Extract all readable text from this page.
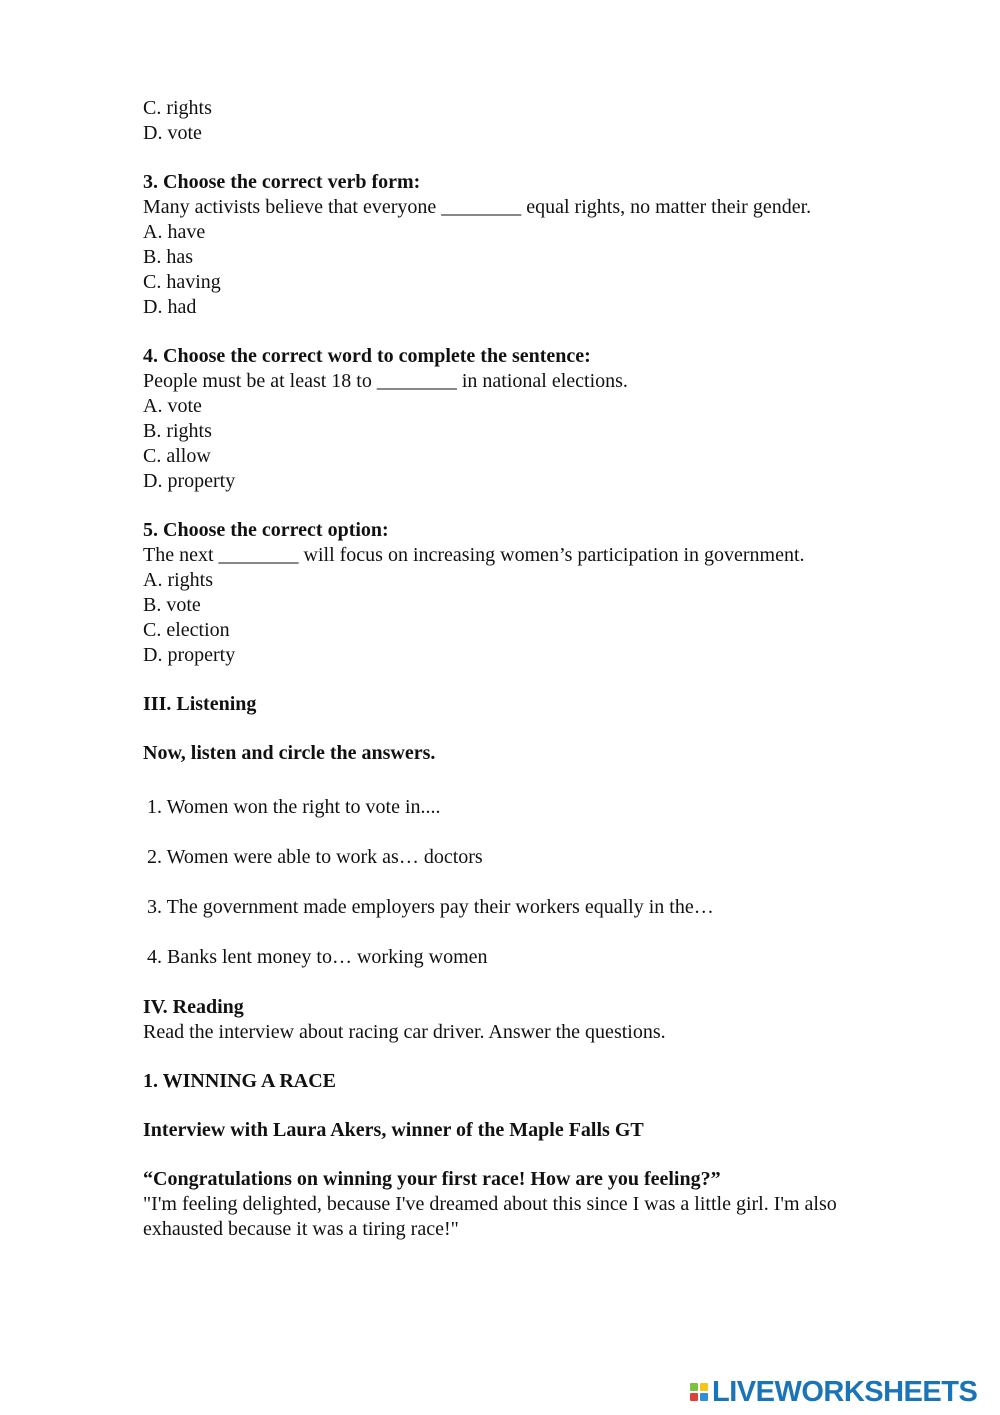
C. rights
D. vote
3. Choose the correct verb form:
Many activists believe that everyone ________ equal rights, no matter their gender.
A. have
B. has
C. having
D. had
4. Choose the correct word to complete the sentence:
People must be at least 18 to ________ in national elections.
A. vote
B. rights
C. allow
D. property
5. Choose the correct option:
The next ________ will focus on increasing women’s participation in government.
A. rights
B. vote
C. election
D. property
III. Listening
Now, listen and circle the answers.
1. Women won the right to vote in....
2. Women were able to work as… doctors
3. The government made employers pay their workers equally in the…
4. Banks lent money to… working women
IV. Reading
Read the interview about racing car driver. Answer the questions.
1. WINNING A RACE
Interview with Laura Akers, winner of the Maple Falls GT
“Congratulations on winning your first race! How are you feeling?”
"I'm feeling delighted, because I've dreamed about this since I was a little girl. I'm also exhausted because it was a tiring race!"
LIVEWORKSHEETS
